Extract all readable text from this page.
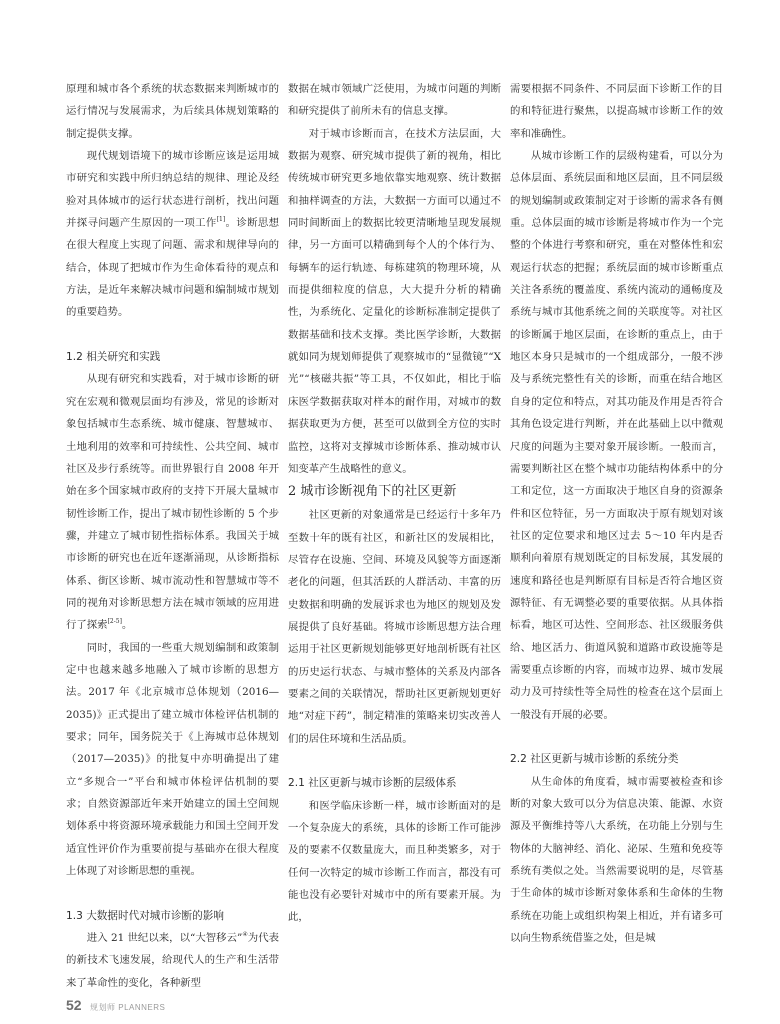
原理和城市各个系统的状态数据来判断城市的运行情况与发展需求，为后续具体规划策略的制定提供支撑。

现代规划语境下的城市诊断应该是运用城市研究和实践中所归纳总结的规律、理论及经验对具体城市的运行状态进行剖析，找出问题并探寻问题产生原因的一项工作[1]。诊断思想在很大程度上实现了问题、需求和规律导向的结合，体现了把城市作为生命体看待的观点和方法，是近年来解决城市问题和编制城市规划的重要趋势。

1.2 相关研究和实践

从现有研究和实践看，对于城市诊断的研究在宏观和微观层面均有涉及，常见的诊断对象包括城市生态系统、城市健康、智慧城市、土地利用的效率和可持续性、公共空间、城市社区及步行系统等。而世界银行自 2008 年开始在多个国家城市政府的支持下开展大量城市韧性诊断工作，提出了城市韧性诊断的 5 个步骤，并建立了城市韧性指标体系。我国关于城市诊断的研究也在近年逐渐涌现，从诊断指标体系、街区诊断、城市流动性和智慧城市等不同的视角对诊断思想方法在城市领域的应用进行了探索[2-5]。

同时，我国的一些重大规划编制和政策制定中也越来越多地融入了城市诊断的思想方法。2017 年《北京城市总体规划（2016—2035)》正式提出了建立城市体检评估机制的要求；同年，国务院关于《上海城市总体规划（2017—2035)》的批复中亦明确提出了建立“多规合一”平台和城市体检评估机制的要求；自然资源部近年来开始建立的国土空间规划体系中将资源环境承载能力和国土空间开发适宜性评价作为重要前提与基础亦在很大程度上体现了对诊断思想的重视。

1.3 大数据时代对城市诊断的影响

进入 21 世纪以来，以“大智移云”④为代表的新技术飞速发展，给现代人的生产和生活带来了革命性的变化，各种新型

数据在城市领域广泛使用，为城市问题的判断和研究提供了前所未有的信息支撑。

对于城市诊断而言，在技术方法层面，大数据为观察、研究城市提供了新的视角，相比传统城市研究更多地依靠实地观察、统计数据和抽样调查的方法，大数据一方面可以通过不同时间断面上的数据比较更清晰地呈现发展规律，另一方面可以精确到每个人的个体行为、每辆车的运行轨迹、每栋建筑的物理环境，从而提供细粒度的信息，大大提升分析的精确性，为系统化、定量化的诊断标准制定提供了数据基础和技术支撑。类比医学诊断，大数据就如同为规划师提供了观察城市的“显微镜”“X 光”“核磁共振”等工具，不仅如此，相比于临床医学数据获取对样本的耐作用，对城市的数据获取更为方便，甚至可以做到全方位的实时监控，这将对支撑城市诊断体系、推动城市认知变革产生战略性的意义。

2 城市诊断视角下的社区更新

社区更新的对象通常是已经运行十多年乃至数十年的既有社区，和新社区的发展相比，尽管存在设施、空间、环境及风貌等方面逐渐老化的问题，但其活跃的人群活动、丰富的历史数据和明确的发展诉求也为地区的规划及发展提供了良好基础。将城市诊断思想方法合理运用于社区更新规划能够更好地剖析既有社区的历史运行状态、与城市整体的关系及内部各要素之间的关联情况，帮助社区更新规划更好地“对症下药”，制定精准的策略来切实改善人们的居住环境和生活品质。

2.1 社区更新与城市诊断的层级体系

和医学临床诊断一样，城市诊断面对的是一个复杂庞大的系统，具体的诊断工作可能涉及的要素不仅数量庞大，而且种类繁多，对于任何一次特定的城市诊断工作而言，都没有可能也没有必要针对城市中的所有要素开展。为此，

需要根据不同条件、不同层面下诊断工作的目的和特征进行聚焦，以提高城市诊断工作的效率和准确性。

从城市诊断工作的层级构建看，可以分为总体层面、系统层面和地区层面，且不同层级的规划编制或政策制定对于诊断的需求各有侧重。总体层面的城市诊断是将城市作为一个完整的个体进行考察和研究，重在对整体性和宏观运行状态的把握；系统层面的城市诊断重点关注各系统的覆盖度、系统内流动的通畅度及系统与城市其他系统之间的关联度等。对社区的诊断属于地区层面，在诊断的重点上，由于地区本身只是城市的一个组成部分，一般不涉及与系统完整性有关的诊断，而重在结合地区自身的定位和特点，对其功能及作用是否符合其角色设定进行判断，并在此基础上以中微观尺度的问题为主要对象开展诊断。一般而言，需要判断社区在整个城市功能结构体系中的分工和定位，这一方面取决于地区自身的资源条件和区位特征，另一方面取决于原有规划对该社区的定位要求和地区过去 5～10 年内是否顺利向着原有规划既定的目标发展，其发展的速度和路径也是判断原有目标是否符合地区资源特征、有无调整必要的重要依据。从具体指标看，地区可达性、空间形态、社区级服务供给、地区活力、街道风貌和道路市政设施等是需要重点诊断的内容，而城市边界、城市发展动力及可持续性等全局性的检查在这个层面上一般没有开展的必要。

2.2 社区更新与城市诊断的系统分类

从生命体的角度看，城市需要被检查和诊断的对象大致可以分为信息决策、能源、水资源及平衡维持等八大系统，在功能上分别与生物体的大脑神经、消化、泌尿、生殖和免疫等系统有类似之处。当然需要说明的是，尽管基于生命体的城市诊断对象体系和生命体的生物系统在功能上或组织构架上相近，并有诸多可以向生物系统借鉴之处，但是城

52 规划师 PLANNERS
